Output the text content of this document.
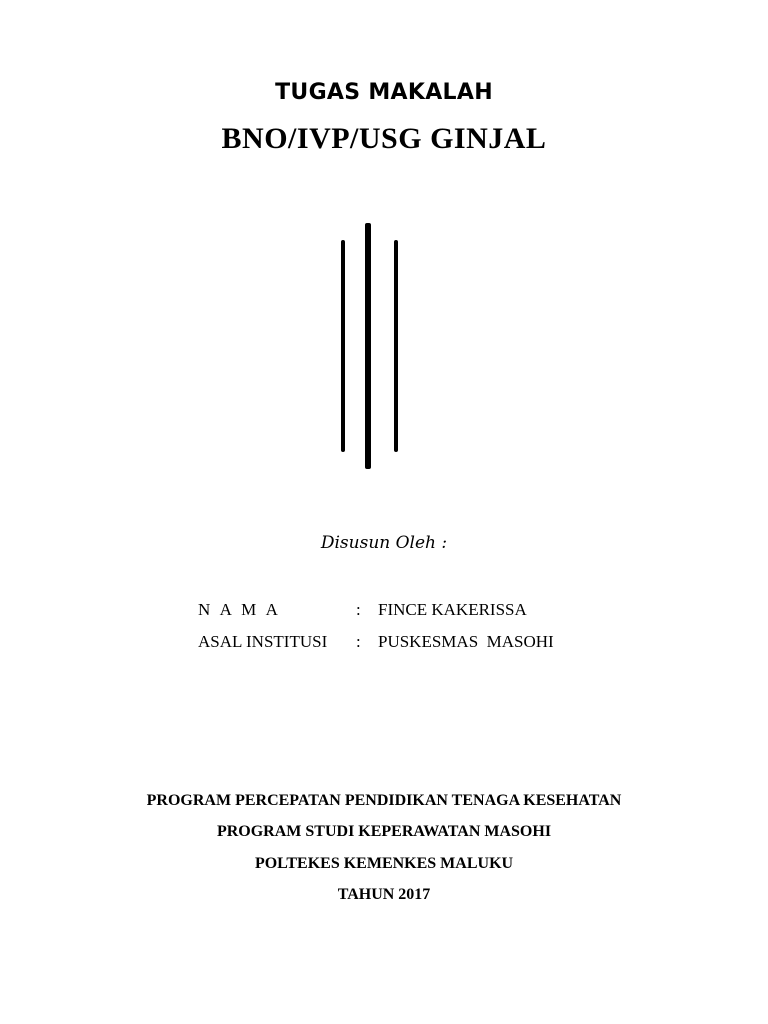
TUGAS MAKALAH
BNO/IVP/USG GINJAL
Disusun Oleh :
N A M A	: FINCE KAKERISSA
ASAL INSTITUSI : PUSKESMAS  MASOHI
PROGRAM PERCEPATAN PENDIDIKAN TENAGA KESEHATAN
PROGRAM STUDI KEPERAWATAN MASOHI
POLTEKES KEMENKES MALUKU
TAHUN 2017
